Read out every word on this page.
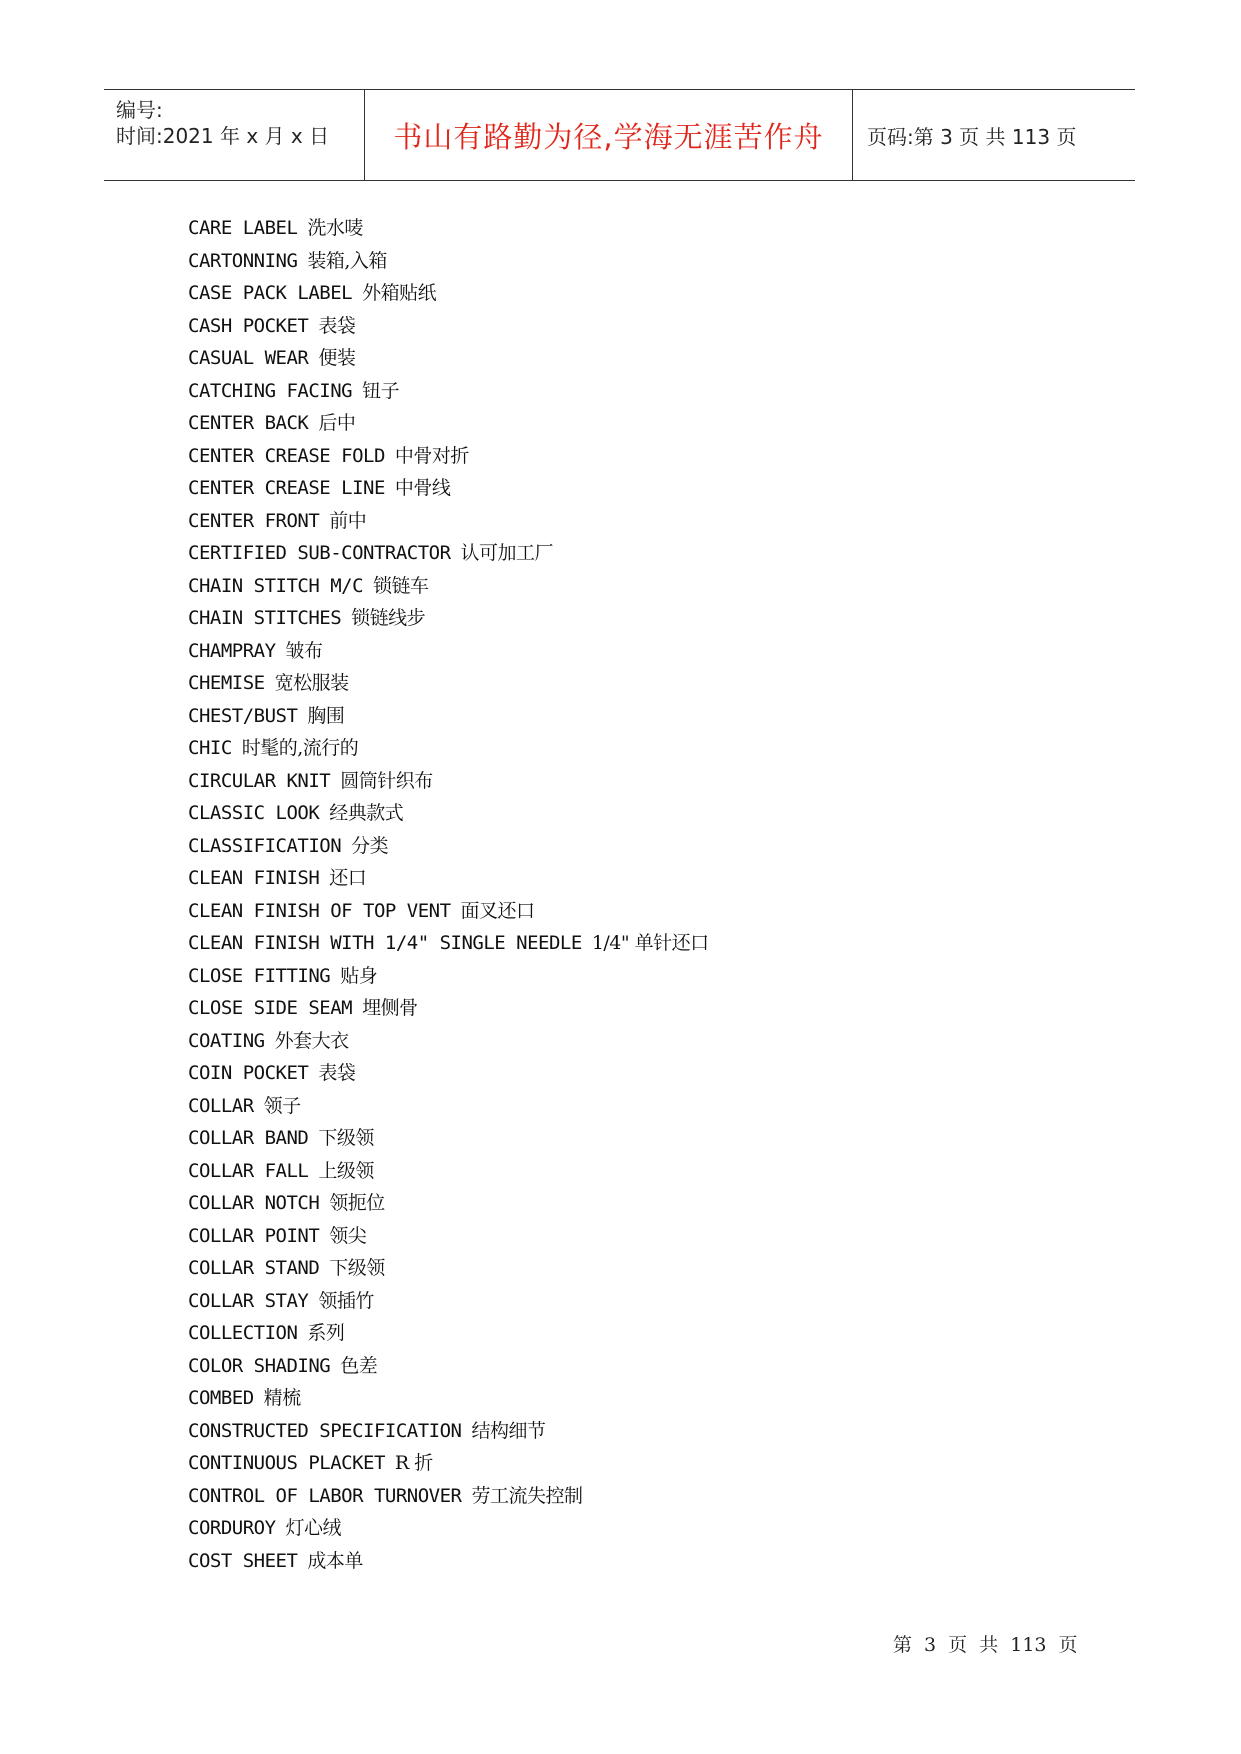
编号:
时间:2021 年 x 月 x 日 书山有路勤为径,学海无涯苦作舟 页码:第 3 页 共 113 页
CARE LABEL 洗水唛
CARTONNING 装箱,入箱
CASE PACK LABEL 外箱贴纸
CASH POCKET 表袋
CASUAL WEAR 便装
CATCHING FACING 钮子
CENTER BACK 后中
CENTER CREASE FOLD 中骨对折
CENTER CREASE LINE 中骨线
CENTER FRONT 前中
CERTIFIED SUB-CONTRACTOR 认可加工厂
CHAIN STITCH M/C 锁链车
CHAIN STITCHES 锁链线步
CHAMPRAY 皱布
CHEMISE 宽松服装
CHEST/BUST 胸围
CHIC 时髦的,流行的
CIRCULAR KNIT 圆筒针织布
CLASSIC LOOK 经典款式
CLASSIFICATION 分类
CLEAN FINISH 还口
CLEAN FINISH OF TOP VENT 面叉还口
CLEAN FINISH WITH 1/4" SINGLE NEEDLE 1/4" 单针还口
CLOSE FITTING 贴身
CLOSE SIDE SEAM 埋侧骨
COATING 外套大衣
COIN POCKET 表袋
COLLAR 领子
COLLAR BAND 下级领
COLLAR FALL 上级领
COLLAR NOTCH 领扼位
COLLAR POINT 领尖
COLLAR STAND 下级领
COLLAR STAY 领插竹
COLLECTION 系列
COLOR SHADING 色差
COMBED 精梳
CONSTRUCTED SPECIFICATION 结构细节
CONTINUOUS PLACKET R 折
CONTROL OF LABOR TURNOVER 劳工流失控制
CORDUROY 灯心绒
COST SHEET 成本单
第 3 页 共 113 页
